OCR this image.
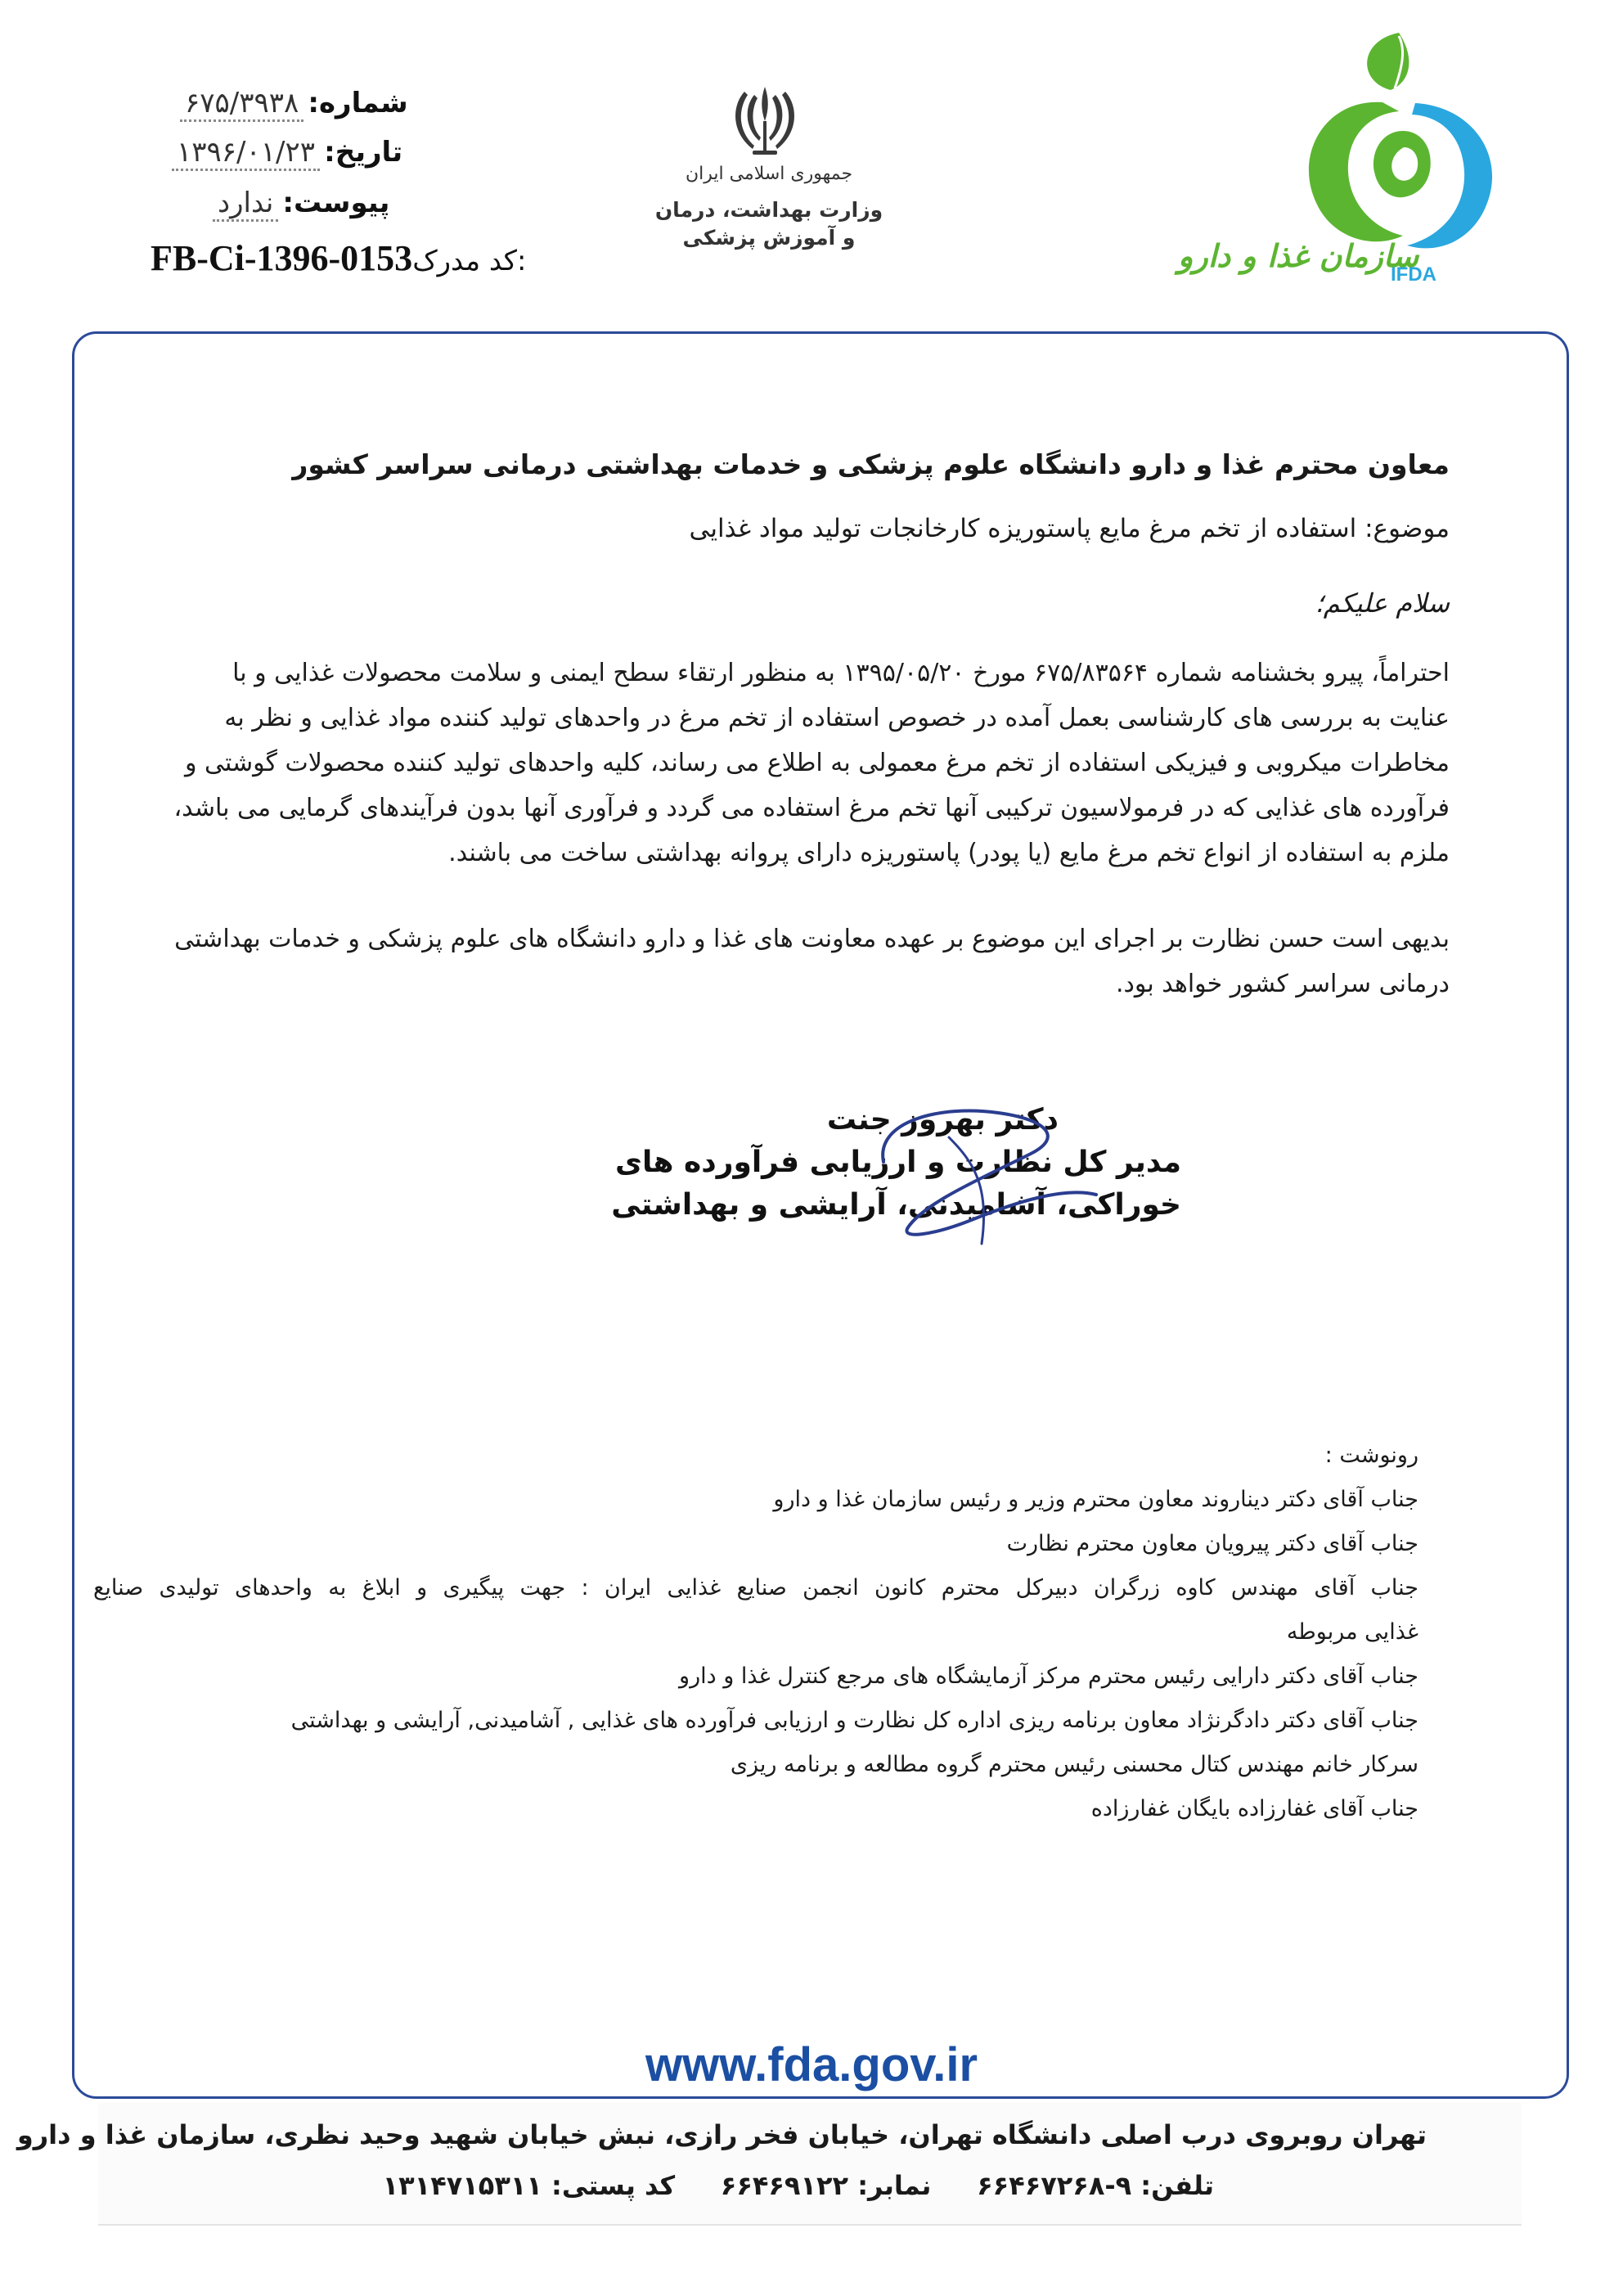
شماره: ۶۷۵/۳۹۳۸
تاریخ: ۱۳۹۶/۰۱/۲۳
پیوست: ندارد
FB-Ci-1396-0153کد مدرک:
جمهوری اسلامی ایران
وزارت بهداشت، درمان
و آموزش پزشکی	سازمان غذا و دارو
IFDA
معاون محترم غذا و دارو دانشگاه علوم پزشکی و خدمات بهداشتی درمانی سراسر کشور
موضوع: استفاده از تخم مرغ مایع پاستوریزه کارخانجات تولید مواد غذایی
سلام علیکم؛

احتراماً، پیرو بخشنامه شماره ۶۷۵/۸۳۵۶۴ مورخ ۱۳۹۵/۰۵/۲۰ به منظور ارتقاء سطح ایمنی و سلامت محصولات غذایی و با

عنایت به بررسی های کارشناسی بعمل آمده در خصوص استفاده از تخم مرغ در واحدهای تولید کننده مواد غذایی و نظر به

مخاطرات میکروبی و فیزیکی استفاده از تخم مرغ معمولی به اطلاع می رساند، کلیه واحدهای تولید کننده محصولات گوشتی و

فرآورده های غذایی که در فرمولاسیون ترکیبی آنها تخم مرغ استفاده می گردد و فرآوری آنها بدون فرآیندهای گرمایی می باشد،

ملزم به استفاده از انواع تخم مرغ مایع (یا پودر) پاستوریزه دارای پروانه بهداشتی ساخت می باشند.

بدیهی است حسن نظارت بر اجرای این موضوع بر عهده معاونت های غذا و دارو دانشگاه های علوم پزشکی و خدمات بهداشتی

درمانی سراسر کشور خواهد بود.

دکتر بهروز جنت
مدیر کل نظارت و ارزیابی فرآورده های
خوراکی، آشامیدنی، آرایشی و بهداشتی
رونوشت :
جناب آقای دکتر دیناروند معاون محترم وزیر و رئیس سازمان غذا و دارو
جناب آقای دکتر پیرویان معاون محترم نظارت
جناب آقای مهندس کاوه زرگران دبیرکل محترم کانون انجمن صنایع غذایی ایران : جهت پیگیری و ابلاغ به واحدهای تولیدی صنایع
غذایی مربوطه
جناب آقای دکتر دارایی رئیس محترم مرکز آزمایشگاه های مرجع کنترل غذا و دارو
جناب آقای دکتر دادگرنژاد معاون برنامه ریزی اداره کل نظارت و ارزیابی فرآورده های غذایی , آشامیدنی, آرایشی و بهداشتی
سرکار خانم مهندس کتال محسنی رئیس محترم گروه مطالعه و برنامه ریزی
جناب آقای غفارزاده بایگان غفارزاده
www.fda.gov.ir
تهران روبروی درب اصلی دانشگاه تهران، خیابان فخر رازی، نبش خیابان شهید وحید نظری، سازمان غذا و دارو
تلفن: ۹-۶۶۴۶۷۲۶۸     نمابر: ۶۶۴۶۹۱۲۲     کد پستی: ۱۳۱۴۷۱۵۳۱۱
